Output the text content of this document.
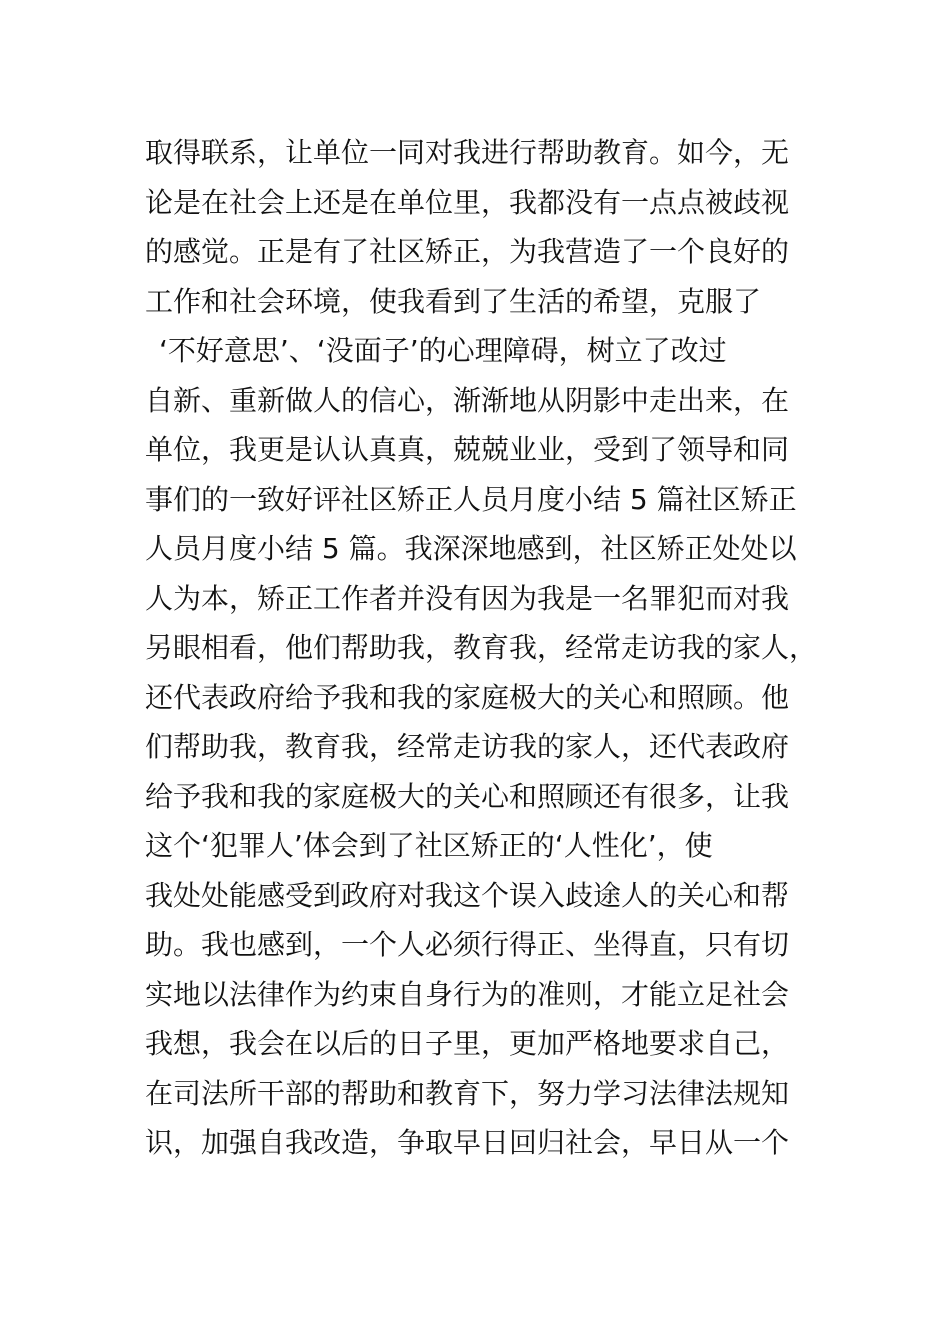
取得联系，让单位一同对我进行帮助教育。如今，无
论是在社会上还是在单位里，我都没有一点点被歧视
的感觉。正是有了社区矫正，为我营造了一个良好的
工作和社会环境，使我看到了生活的希望，克服了
‘不好意思’、‘没面子’的心理障碍，树立了改过
自新、重新做人的信心，渐渐地从阴影中走出来，在
单位，我更是认认真真，兢兢业业，受到了领导和同
事们的一致好评社区矫正人员月度小结 5 篇社区矫正
人员月度小结 5 篇。我深深地感到，社区矫正处处以
人为本，矫正工作者并没有因为我是一名罪犯而对我
另眼相看，他们帮助我，教育我，经常走访我的家人，
还代表政府给予我和我的家庭极大的关心和照顾。他
们帮助我，教育我，经常走访我的家人，还代表政府
给予我和我的家庭极大的关心和照顾还有很多，让我
这个‘犯罪人’体会到了社区矫正的‘人性化’，使
我处处能感受到政府对我这个误入歧途人的关心和帮
助。我也感到，一个人必须行得正、坐得直，只有切
实地以法律作为约束自身行为的准则，才能立足社会
我想，我会在以后的日子里，更加严格地要求自己，
在司法所干部的帮助和教育下，努力学习法律法规知
识，加强自我改造，争取早日回归社会，早日从一个
